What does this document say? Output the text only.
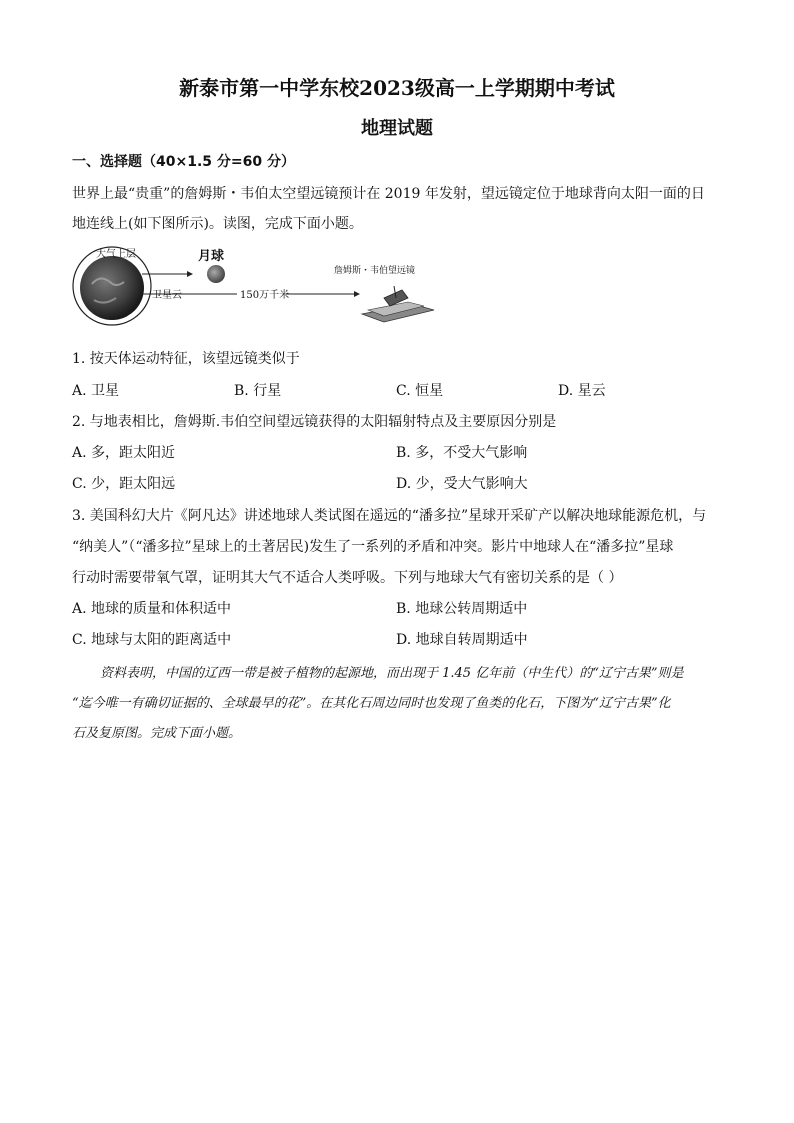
新泰市第一中学东校2023级高一上学期期中考试
地理试题
一、选择题（40×1.5 分=60 分）
世界上最“贵重”的詹姆斯・韦伯太空望远镜预计在 2019 年发射，望远镜定位于地球背向太阳一面的日
地连线上(如下图所示)。读图，完成下面小题。
大气上层	月球
卫星云	150万千米
詹姆斯・韦伯望远镜
1. 按天体运动特征，该望远镜类似于
A. 卫星	B. 行星	C. 恒星	D. 星云
2. 与地表相比，詹姆斯.韦伯空间望远镜获得的太阳辐射特点及主要原因分别是
A. 多，距太阳近	B. 多，不受大气影响
C. 少，距太阳远	D. 少，受大气影响大
3. 美国科幻大片《阿凡达》讲述地球人类试图在遥远的“潘多拉”星球开采矿产以解决地球能源危机，与
“纳美人”（“潘多拉”星球上的土著居民)发生了一系列的矛盾和冲突。影片中地球人在“潘多拉”星球
行动时需要带氧气罩，证明其大气不适合人类呼吸。下列与地球大气有密切关系的是（ ）
A. 地球的质量和体积适中	B. 地球公转周期适中
C. 地球与太阳的距离适中	D. 地球自转周期适中
资料表明，中国的辽西一带是被子植物的起源地，而出现于 1.45 亿年前（中生代）的“辽宁古果”则是
“迄今唯一有确切证据的、全球最早的花”。在其化石周边同时也发现了鱼类的化石，下图为“辽宁古果”化
石及复原图。完成下面小题。
